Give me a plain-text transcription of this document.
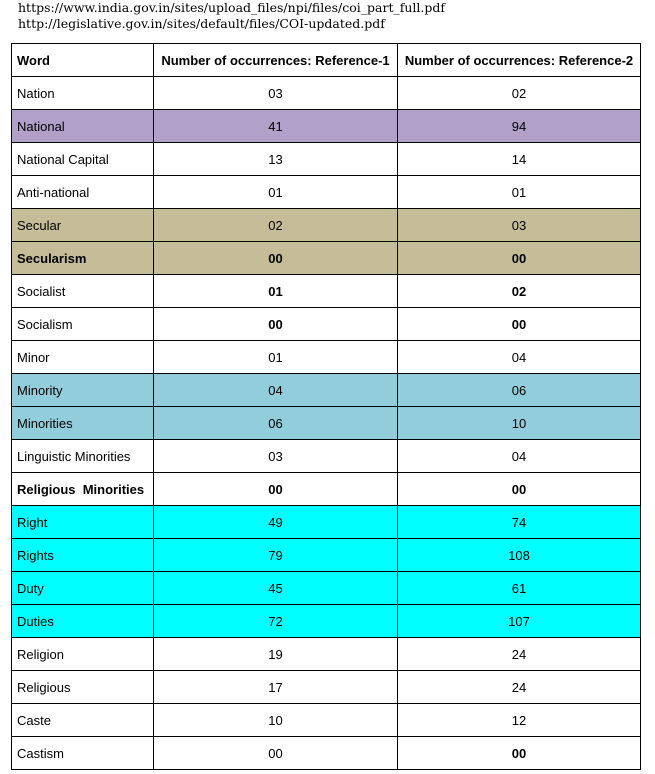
https://www.india.gov.in/sites/upload_files/npi/files/coi_part_full.pdf
http://legislative.gov.in/sites/default/files/COI-updated.pdf
Word	Number of occurrences: Reference-1	Number of occurrences: Reference-2
Nation	03	02
National	41	94
National Capital	13	14
Anti-national	01	01
Secular	02	03
Secularism	00	00
Socialist	01	02
Socialism	00	00
Minor	01	04
Minority	04	06
Minorities	06	10
Linguistic Minorities	03	04
Religious  Minorities	00	00
Right	49	74
Rights	79	108
Duty	45	61
Duties	72	107
Religion	19	24
Religious	17	24
Caste	10	12
Castism	00	00
